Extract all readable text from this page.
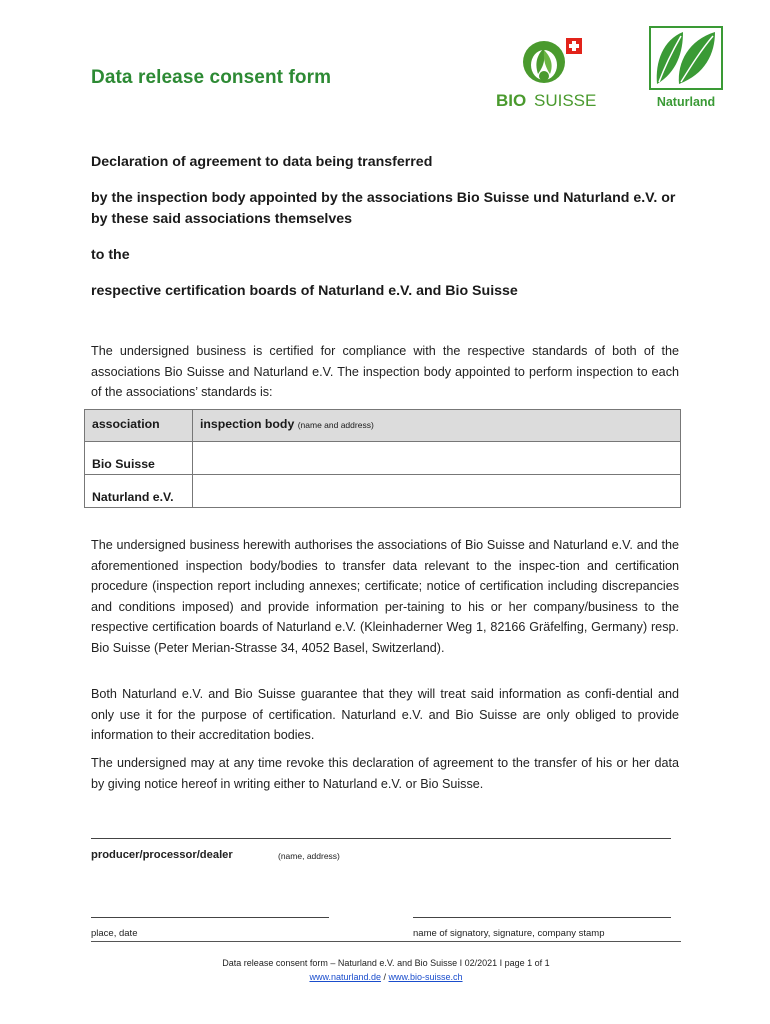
Data release consent form
BIO SUISSE	Naturland
Declaration of agreement to data being transferred
by the inspection body appointed by the associations Bio Suisse und Naturland e.V. or by these said associations themselves
to the
respective certification boards of Naturland e.V. and Bio Suisse
The undersigned business is certified for compliance with the respective standards of both of the associations Bio Suisse and Naturland e.V. The inspection body appointed to perform inspection to each of the associations’ standards is:
association	inspection body (name and address)
Bio Suisse	
Naturland e.V.	
The undersigned business herewith authorises the associations of Bio Suisse and Naturland e.V. and the aforementioned inspection body/bodies to transfer data relevant to the inspec-tion and certification procedure (inspection report including annexes; certificate; notice of certification including discrepancies and conditions imposed) and provide information per-taining to his or her company/business to the respective certification boards of Naturland e.V. (Kleinhaderner Weg 1, 82166 Gräfelfing, Germany) resp. Bio Suisse (Peter Merian-Strasse 34, 4052 Basel, Switzerland).
Both Naturland e.V. and Bio Suisse guarantee that they will treat said information as confi-dential and only use it for the purpose of certification. Naturland e.V. and Bio Suisse are only obliged to provide information to their accreditation bodies.
The undersigned may at any time revoke this declaration of agreement to the transfer of his or her data by giving notice hereof in writing either to Naturland e.V. or Bio Suisse.
producer/processor/dealer	(name, address)
place, date	name of signatory, signature, company stamp
Data release consent form – Naturland e.V. and Bio Suisse I 02/2021 I page 1 of 1
www.naturland.de / www.bio-suisse.ch
